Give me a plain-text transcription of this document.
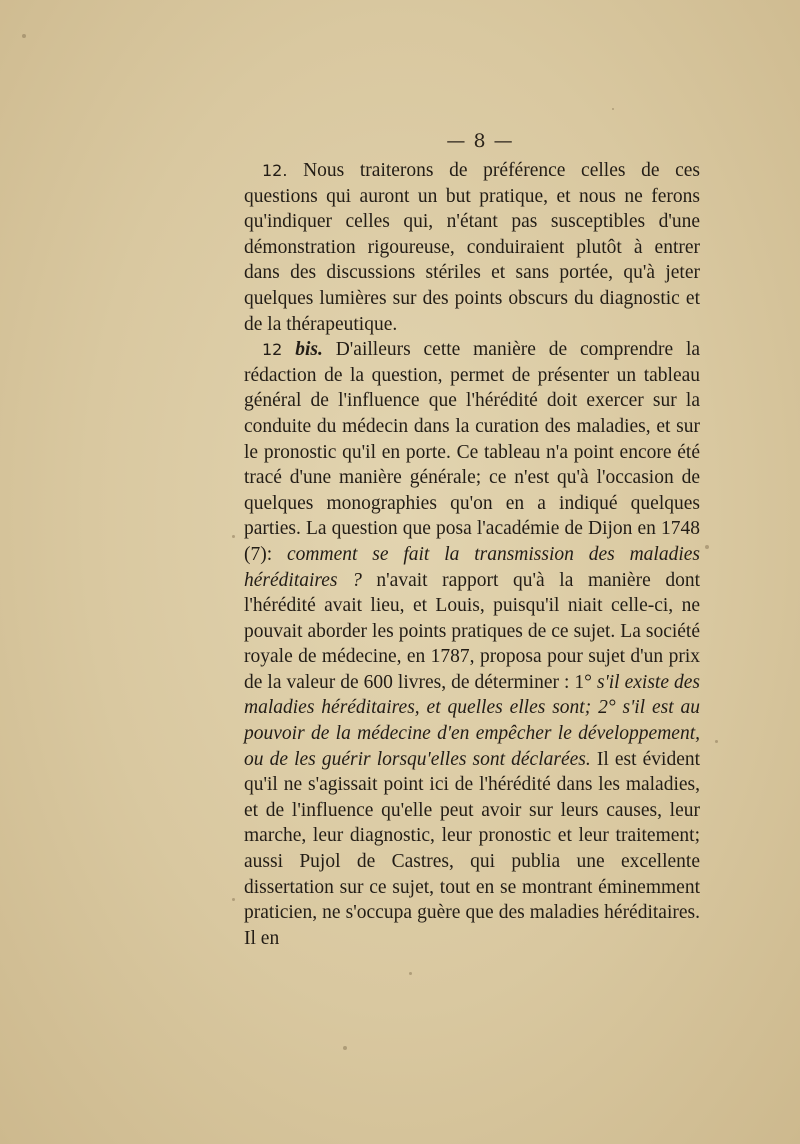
— 8 —

12. Nous traiterons de préférence celles de ces questions qui auront un but pratique, et nous ne ferons qu'indiquer celles qui, n'étant pas susceptibles d'une démonstration rigoureuse, conduiraient plutôt à entrer dans des discussions stériles et sans portée, qu'à jeter quelques lumières sur des points obscurs du diagnostic et de la thérapeutique.

12 bis. D'ailleurs cette manière de comprendre la rédaction de la question, permet de présenter un tableau général de l'influence que l'hérédité doit exercer sur la conduite du médecin dans la curation des maladies, et sur le pronostic qu'il en porte. Ce tableau n'a point encore été tracé d'une manière générale; ce n'est qu'à l'occasion de quelques monographies qu'on en a indiqué quelques parties. La question que posa l'académie de Dijon en 1748 (7): comment se fait la transmission des maladies héréditaires ? n'avait rapport qu'à la manière dont l'hérédité avait lieu, et Louis, puisqu'il niait celle-ci, ne pouvait aborder les points pratiques de ce sujet. La société royale de médecine, en 1787, proposa pour sujet d'un prix de la valeur de 600 livres, de déterminer : 1° s'il existe des maladies héréditaires, et quelles elles sont; 2° s'il est au pouvoir de la médecine d'en empêcher le développement, ou de les guérir lorsqu'elles sont déclarées. Il est évident qu'il ne s'agissait point ici de l'hérédité dans les maladies, et de l'influence qu'elle peut avoir sur leurs causes, leur marche, leur diagnostic, leur pronostic et leur traitement; aussi Pujol de Castres, qui publia une excellente dissertation sur ce sujet, tout en se montrant éminemment praticien, ne s'occupa guère que des maladies héréditaires. Il en
